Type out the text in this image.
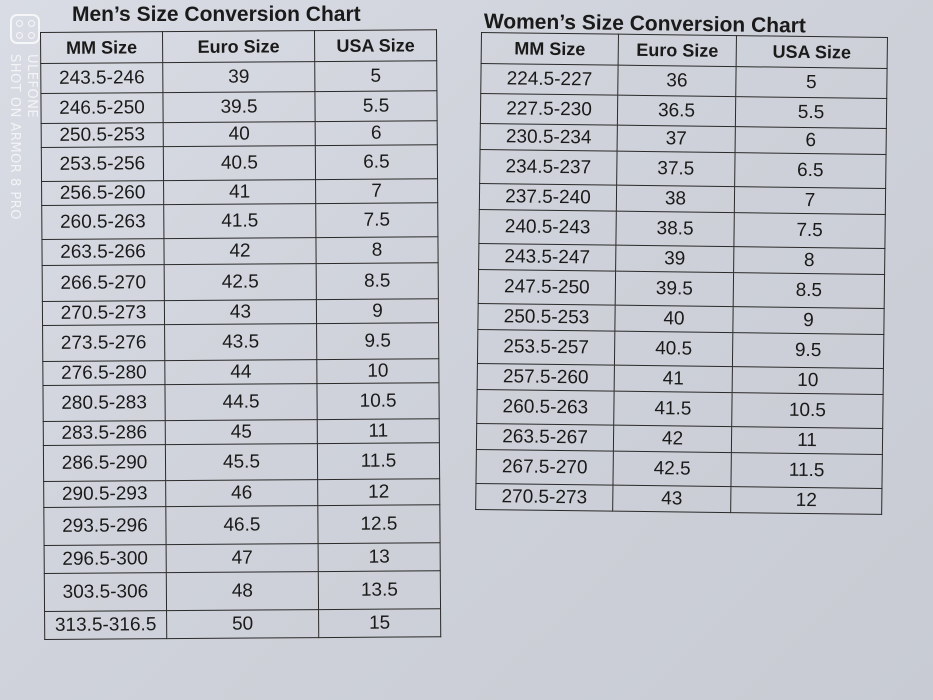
ULEFONE
SHOT ON ARMOR 8 PRO
Men’s Size Conversion Chart
MM Size	Euro Size	USA Size
243.5-246	39	5
246.5-250	39.5	5.5
250.5-253	40	6
253.5-256	40.5	6.5
256.5-260	41	7
260.5-263	41.5	7.5
263.5-266	42	8
266.5-270	42.5	8.5
270.5-273	43	9
273.5-276	43.5	9.5
276.5-280	44	10
280.5-283	44.5	10.5
283.5-286	45	11
286.5-290	45.5	11.5
290.5-293	46	12
293.5-296	46.5	12.5
296.5-300	47	13
303.5-306	48	13.5
313.5-316.5	50	15
Women’s Size Conversion Chart
MM Size	Euro Size	USA Size
224.5-227	36	5
227.5-230	36.5	5.5
230.5-234	37	6
234.5-237	37.5	6.5
237.5-240	38	7
240.5-243	38.5	7.5
243.5-247	39	8
247.5-250	39.5	8.5
250.5-253	40	9
253.5-257	40.5	9.5
257.5-260	41	10
260.5-263	41.5	10.5
263.5-267	42	11
267.5-270	42.5	11.5
270.5-273	43	12
